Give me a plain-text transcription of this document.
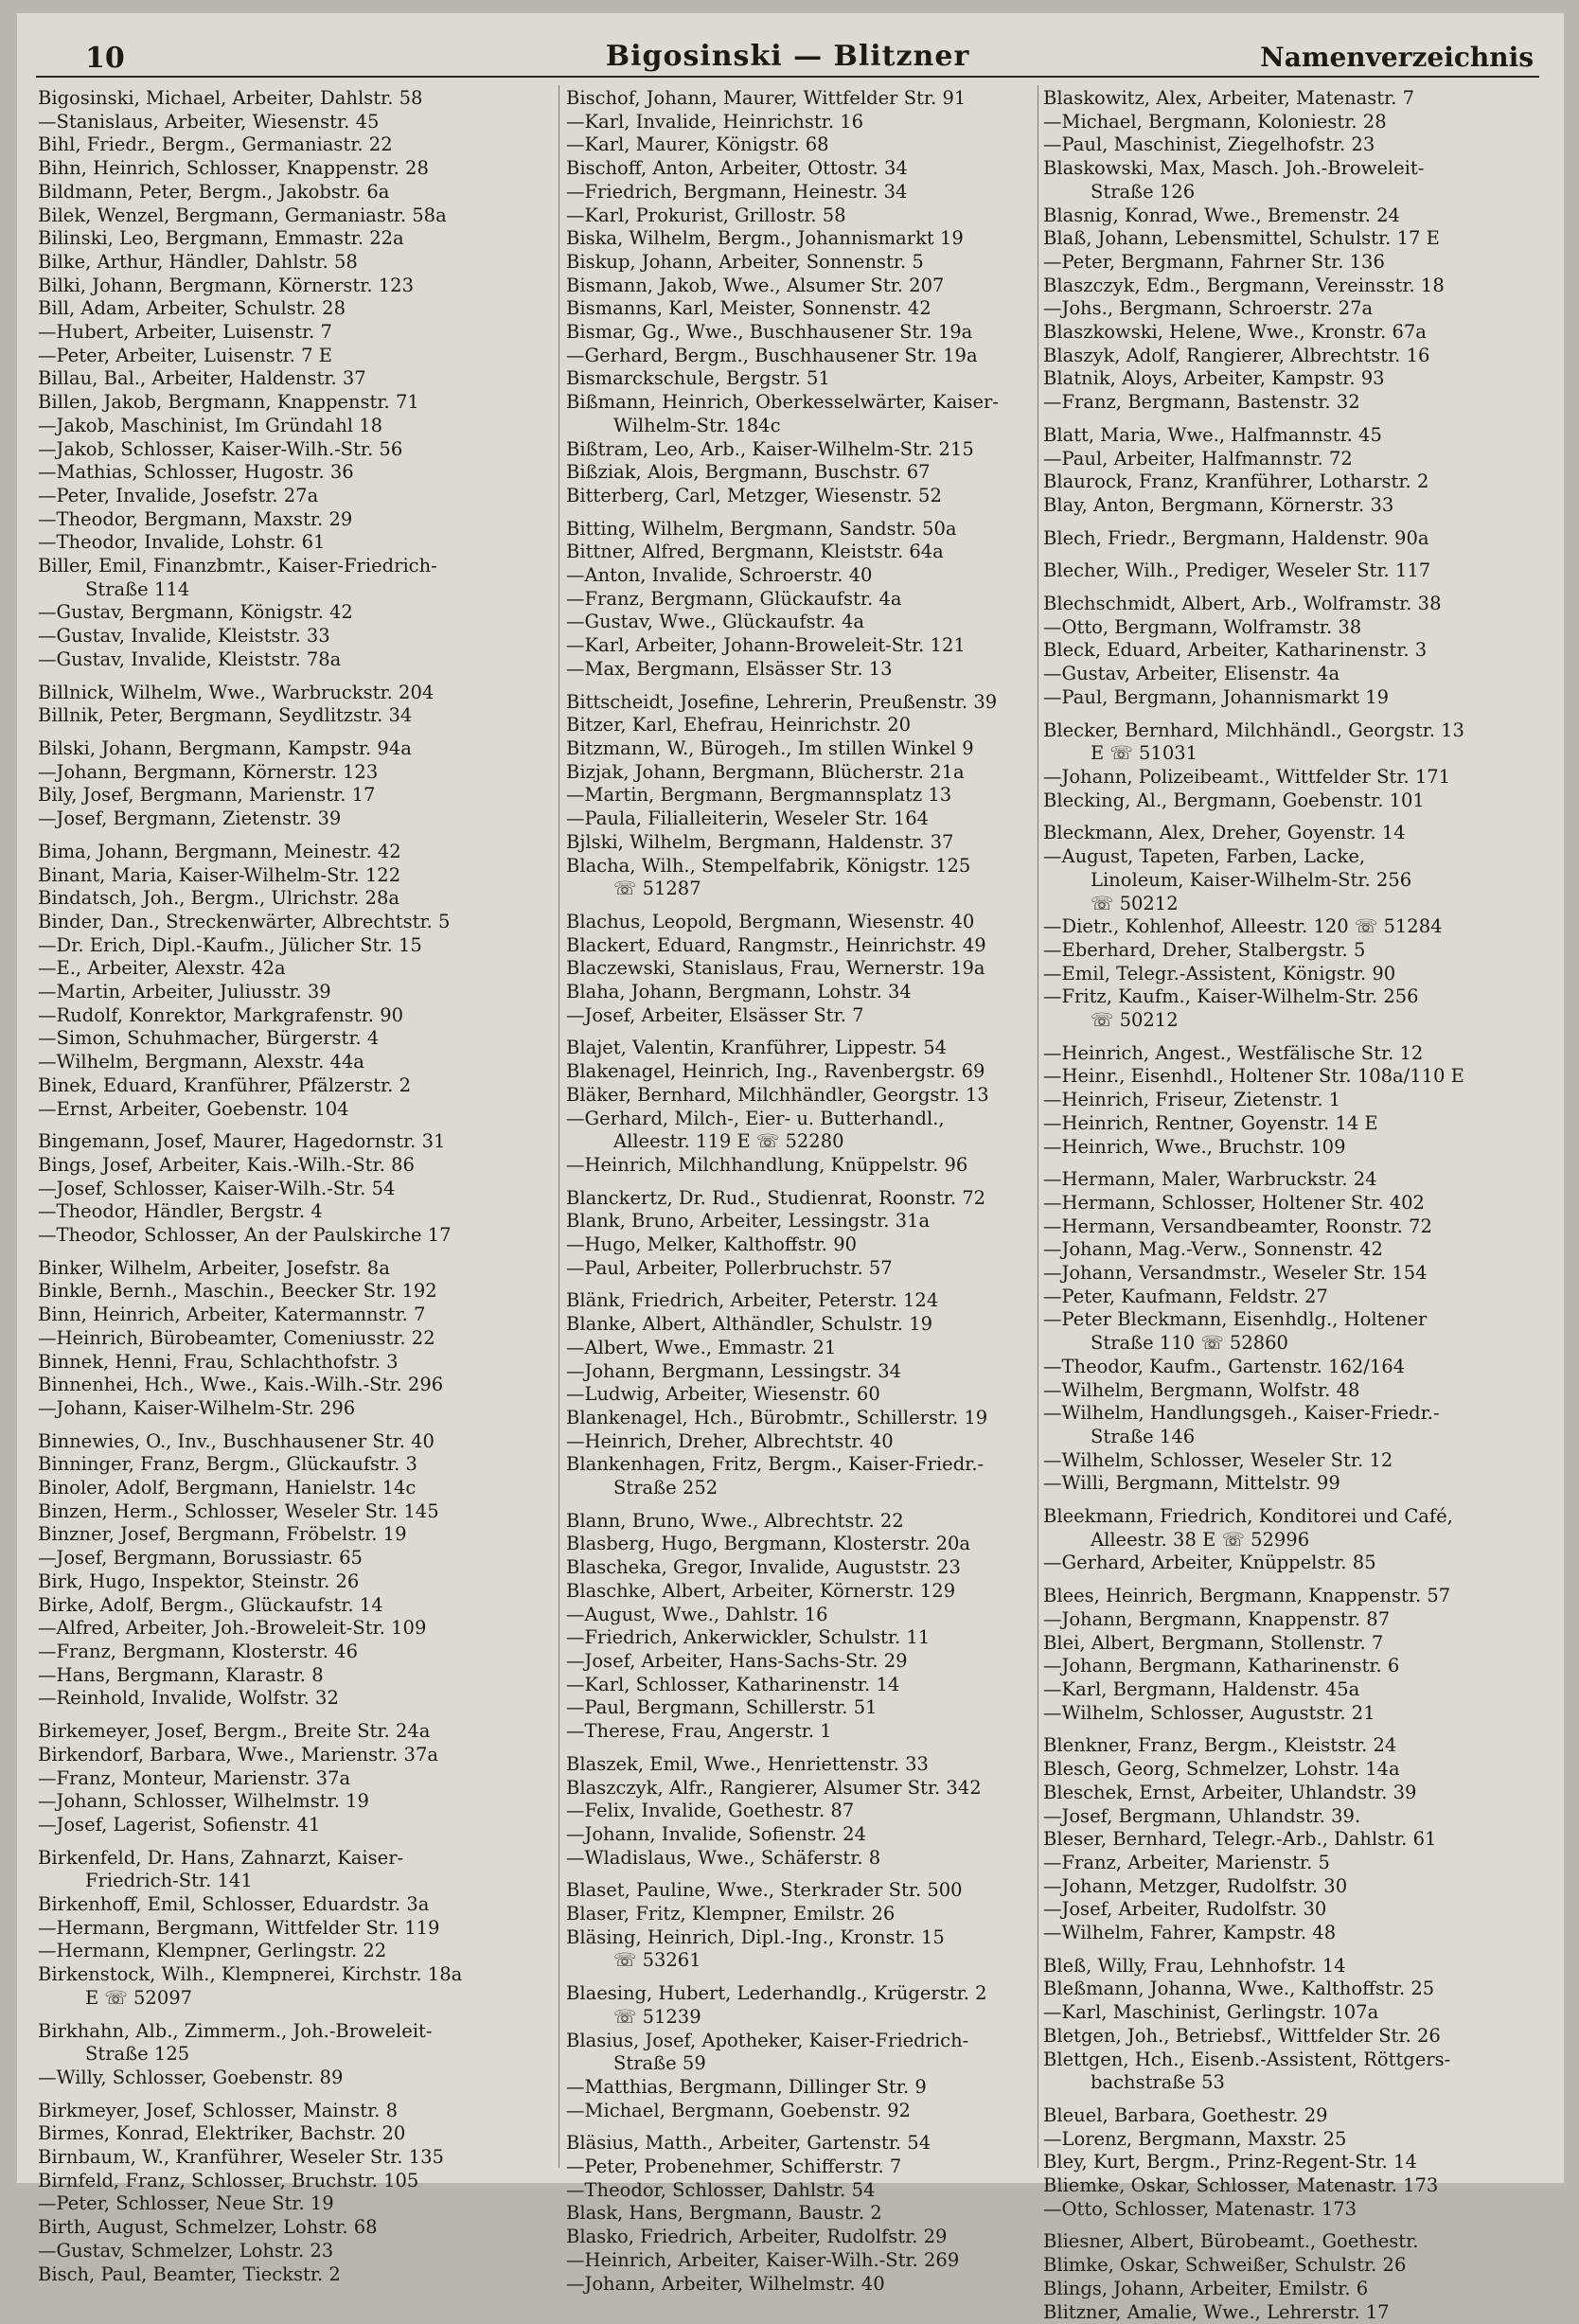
10	Bigosinski — Blitzner	Namenverzeichnis
Bigosinski, Michael, Arbeiter, Dahlstr. 58
—Stanislaus, Arbeiter, Wiesenstr. 45
Bihl, Friedr., Bergm., Germaniastr. 22
Bihn, Heinrich, Schlosser, Knappenstr. 28
Bildmann, Peter, Bergm., Jakobstr. 6a
Bilek, Wenzel, Bergmann, Germaniastr. 58a
Bilinski, Leo, Bergmann, Emmastr. 22a
Bilke, Arthur, Händler, Dahlstr. 58
Bilki, Johann, Bergmann, Körnerstr. 123
Bill, Adam, Arbeiter, Schulstr. 28
—Hubert, Arbeiter, Luisenstr. 7
—Peter, Arbeiter, Luisenstr. 7 E
Billau, Bal., Arbeiter, Haldenstr. 37
Billen, Jakob, Bergmann, Knappenstr. 71
—Jakob, Maschinist, Im Gründahl 18
—Jakob, Schlosser, Kaiser-Wilh.-Str. 56
—Mathias, Schlosser, Hugostr. 36
—Peter, Invalide, Josefstr. 27a
—Theodor, Bergmann, Maxstr. 29
—Theodor, Invalide, Lohstr. 61
Biller, Emil, Finanzbmtr., Kaiser-Friedrich-
Straße 114
—Gustav, Bergmann, Königstr. 42
—Gustav, Invalide, Kleiststr. 33
—Gustav, Invalide, Kleiststr. 78a
Billnick, Wilhelm, Wwe., Warbruckstr. 204
Billnik, Peter, Bergmann, Seydlitzstr. 34
Bilski, Johann, Bergmann, Kampstr. 94a
—Johann, Bergmann, Körnerstr. 123
Bily, Josef, Bergmann, Marienstr. 17
—Josef, Bergmann, Zietenstr. 39
Bima, Johann, Bergmann, Meinestr. 42
Binant, Maria, Kaiser-Wilhelm-Str. 122
Bindatsch, Joh., Bergm., Ulrichstr. 28a
Binder, Dan., Streckenwärter, Albrechtstr. 5
—Dr. Erich, Dipl.-Kaufm., Jülicher Str. 15
—E., Arbeiter, Alexstr. 42a
—Martin, Arbeiter, Juliusstr. 39
—Rudolf, Konrektor, Markgrafenstr. 90
—Simon, Schuhmacher, Bürgerstr. 4
—Wilhelm, Bergmann, Alexstr. 44a
Binek, Eduard, Kranführer, Pfälzerstr. 2
—Ernst, Arbeiter, Goebenstr. 104
Bingemann, Josef, Maurer, Hagedornstr. 31
Bings, Josef, Arbeiter, Kais.-Wilh.-Str. 86
—Josef, Schlosser, Kaiser-Wilh.-Str. 54
—Theodor, Händler, Bergstr. 4
—Theodor, Schlosser, An der Paulskirche 17
Binker, Wilhelm, Arbeiter, Josefstr. 8a
Binkle, Bernh., Maschin., Beecker Str. 192
Binn, Heinrich, Arbeiter, Katermannstr. 7
—Heinrich, Bürobeamter, Comeniusstr. 22
Binnek, Henni, Frau, Schlachthofstr. 3
Binnenhei, Hch., Wwe., Kais.-Wilh.-Str. 296
—Johann, Kaiser-Wilhelm-Str. 296
Binnewies, O., Inv., Buschhausener Str. 40
Binninger, Franz, Bergm., Glückaufstr. 3
Binoler, Adolf, Bergmann, Hanielstr. 14c
Binzen, Herm., Schlosser, Weseler Str. 145
Binzner, Josef, Bergmann, Fröbelstr. 19
—Josef, Bergmann, Borussiastr. 65
Birk, Hugo, Inspektor, Steinstr. 26
Birke, Adolf, Bergm., Glückaufstr. 14
—Alfred, Arbeiter, Joh.-Broweleit-Str. 109
—Franz, Bergmann, Klosterstr. 46
—Hans, Bergmann, Klarastr. 8
—Reinhold, Invalide, Wolfstr. 32
Birkemeyer, Josef, Bergm., Breite Str. 24a
Birkendorf, Barbara, Wwe., Marienstr. 37a
—Franz, Monteur, Marienstr. 37a
—Johann, Schlosser, Wilhelmstr. 19
—Josef, Lagerist, Sofienstr. 41
Birkenfeld, Dr. Hans, Zahnarzt, Kaiser-
Friedrich-Str. 141
Birkenhoff, Emil, Schlosser, Eduardstr. 3a
—Hermann, Bergmann, Wittfelder Str. 119
—Hermann, Klempner, Gerlingstr. 22
Birkenstock, Wilh., Klempnerei, Kirchstr. 18a
E ☏ 52097
Birkhahn, Alb., Zimmerm., Joh.-Broweleit-
Straße 125
—Willy, Schlosser, Goebenstr. 89
Birkmeyer, Josef, Schlosser, Mainstr. 8
Birmes, Konrad, Elektriker, Bachstr. 20
Birnbaum, W., Kranführer, Weseler Str. 135
Birnfeld, Franz, Schlosser, Bruchstr. 105
—Peter, Schlosser, Neue Str. 19
Birth, August, Schmelzer, Lohstr. 68
—Gustav, Schmelzer, Lohstr. 23
Bisch, Paul, Beamter, Tieckstr. 2
Bischof, Johann, Maurer, Wittfelder Str. 91
—Karl, Invalide, Heinrichstr. 16
—Karl, Maurer, Königstr. 68
Bischoff, Anton, Arbeiter, Ottostr. 34
—Friedrich, Bergmann, Heinestr. 34
—Karl, Prokurist, Grillostr. 58
Biska, Wilhelm, Bergm., Johannismarkt 19
Biskup, Johann, Arbeiter, Sonnenstr. 5
Bismann, Jakob, Wwe., Alsumer Str. 207
Bismanns, Karl, Meister, Sonnenstr. 42
Bismar, Gg., Wwe., Buschhausener Str. 19a
—Gerhard, Bergm., Buschhausener Str. 19a
Bismarckschule, Bergstr. 51
Bißmann, Heinrich, Oberkesselwärter, Kaiser-
Wilhelm-Str. 184c
Bißtram, Leo, Arb., Kaiser-Wilhelm-Str. 215
Bißziak, Alois, Bergmann, Buschstr. 67
Bitterberg, Carl, Metzger, Wiesenstr. 52
Bitting, Wilhelm, Bergmann, Sandstr. 50a
Bittner, Alfred, Bergmann, Kleiststr. 64a
—Anton, Invalide, Schroerstr. 40
—Franz, Bergmann, Glückaufstr. 4a
—Gustav, Wwe., Glückaufstr. 4a
—Karl, Arbeiter, Johann-Broweleit-Str. 121
—Max, Bergmann, Elsässer Str. 13
Bittscheidt, Josefine, Lehrerin, Preußenstr. 39
Bitzer, Karl, Ehefrau, Heinrichstr. 20
Bitzmann, W., Bürogeh., Im stillen Winkel 9
Bizjak, Johann, Bergmann, Blücherstr. 21a
—Martin, Bergmann, Bergmannsplatz 13
—Paula, Filialleiterin, Weseler Str. 164
Bjlski, Wilhelm, Bergmann, Haldenstr. 37
Blacha, Wilh., Stempelfabrik, Königstr. 125
☏ 51287
Blachus, Leopold, Bergmann, Wiesenstr. 40
Blackert, Eduard, Rangmstr., Heinrichstr. 49
Blaczewski, Stanislaus, Frau, Wernerstr. 19a
Blaha, Johann, Bergmann, Lohstr. 34
—Josef, Arbeiter, Elsässer Str. 7
Blajet, Valentin, Kranführer, Lippestr. 54
Blakenagel, Heinrich, Ing., Ravenbergstr. 69
Bläker, Bernhard, Milchhändler, Georgstr. 13
—Gerhard, Milch-, Eier- u. Butterhandl.,
Alleestr. 119 E ☏ 52280
—Heinrich, Milchhandlung, Knüppelstr. 96
Blanckertz, Dr. Rud., Studienrat, Roonstr. 72
Blank, Bruno, Arbeiter, Lessingstr. 31a
—Hugo, Melker, Kalthoffstr. 90
—Paul, Arbeiter, Pollerbruchstr. 57
Blänk, Friedrich, Arbeiter, Peterstr. 124
Blanke, Albert, Althändler, Schulstr. 19
—Albert, Wwe., Emmastr. 21
—Johann, Bergmann, Lessingstr. 34
—Ludwig, Arbeiter, Wiesenstr. 60
Blankenagel, Hch., Bürobmtr., Schillerstr. 19
—Heinrich, Dreher, Albrechtstr. 40
Blankenhagen, Fritz, Bergm., Kaiser-Friedr.-
Straße 252
Blann, Bruno, Wwe., Albrechtstr. 22
Blasberg, Hugo, Bergmann, Klosterstr. 20a
Blascheka, Gregor, Invalide, Auguststr. 23
Blaschke, Albert, Arbeiter, Körnerstr. 129
—August, Wwe., Dahlstr. 16
—Friedrich, Ankerwickler, Schulstr. 11
—Josef, Arbeiter, Hans-Sachs-Str. 29
—Karl, Schlosser, Katharinenstr. 14
—Paul, Bergmann, Schillerstr. 51
—Therese, Frau, Angerstr. 1
Blaszek, Emil, Wwe., Henriettenstr. 33
Blaszczyk, Alfr., Rangierer, Alsumer Str. 342
—Felix, Invalide, Goethestr. 87
—Johann, Invalide, Sofienstr. 24
—Wladislaus, Wwe., Schäferstr. 8
Blaset, Pauline, Wwe., Sterkrader Str. 500
Blaser, Fritz, Klempner, Emilstr. 26
Bläsing, Heinrich, Dipl.-Ing., Kronstr. 15
☏ 53261
Blaesing, Hubert, Lederhandlg., Krügerstr. 2
☏ 51239
Blasius, Josef, Apotheker, Kaiser-Friedrich-
Straße 59
—Matthias, Bergmann, Dillinger Str. 9
—Michael, Bergmann, Goebenstr. 92
Bläsius, Matth., Arbeiter, Gartenstr. 54
—Peter, Probenehmer, Schifferstr. 7
—Theodor, Schlosser, Dahlstr. 54
Blask, Hans, Bergmann, Baustr. 2
Blasko, Friedrich, Arbeiter, Rudolfstr. 29
—Heinrich, Arbeiter, Kaiser-Wilh.-Str. 269
—Johann, Arbeiter, Wilhelmstr. 40
Blaskowitz, Alex, Arbeiter, Matenastr. 7
—Michael, Bergmann, Koloniestr. 28
—Paul, Maschinist, Ziegelhofstr. 23
Blaskowski, Max, Masch. Joh.-Broweleit-
Straße 126
Blasnig, Konrad, Wwe., Bremenstr. 24
Blaß, Johann, Lebensmittel, Schulstr. 17 E
—Peter, Bergmann, Fahrner Str. 136
Blaszczyk, Edm., Bergmann, Vereinsstr. 18
—Johs., Bergmann, Schroerstr. 27a
Blaszkowski, Helene, Wwe., Kronstr. 67a
Blaszyk, Adolf, Rangierer, Albrechtstr. 16
Blatnik, Aloys, Arbeiter, Kampstr. 93
—Franz, Bergmann, Bastenstr. 32
Blatt, Maria, Wwe., Halfmannstr. 45
—Paul, Arbeiter, Halfmannstr. 72
Blaurock, Franz, Kranführer, Lotharstr. 2
Blay, Anton, Bergmann, Körnerstr. 33
Blech, Friedr., Bergmann, Haldenstr. 90a
Blecher, Wilh., Prediger, Weseler Str. 117
Blechschmidt, Albert, Arb., Wolframstr. 38
—Otto, Bergmann, Wolframstr. 38
Bleck, Eduard, Arbeiter, Katharinenstr. 3
—Gustav, Arbeiter, Elisenstr. 4a
—Paul, Bergmann, Johannismarkt 19
Blecker, Bernhard, Milchhändl., Georgstr. 13
E ☏ 51031
—Johann, Polizeibeamt., Wittfelder Str. 171
Blecking, Al., Bergmann, Goebenstr. 101
Bleckmann, Alex, Dreher, Goyenstr. 14
—August, Tapeten, Farben, Lacke,
Linoleum, Kaiser-Wilhelm-Str. 256
☏ 50212
—Dietr., Kohlenhof, Alleestr. 120 ☏ 51284
—Eberhard, Dreher, Stalbergstr. 5
—Emil, Telegr.-Assistent, Königstr. 90
—Fritz, Kaufm., Kaiser-Wilhelm-Str. 256
☏ 50212
—Heinrich, Angest., Westfälische Str. 12
—Heinr., Eisenhdl., Holtener Str. 108a/110 E
—Heinrich, Friseur, Zietenstr. 1
—Heinrich, Rentner, Goyenstr. 14 E
—Heinrich, Wwe., Bruchstr. 109
—Hermann, Maler, Warbruckstr. 24
—Hermann, Schlosser, Holtener Str. 402
—Hermann, Versandbeamter, Roonstr. 72
—Johann, Mag.-Verw., Sonnenstr. 42
—Johann, Versandmstr., Weseler Str. 154
—Peter, Kaufmann, Feldstr. 27
—Peter Bleckmann, Eisenhdlg., Holtener
Straße 110 ☏ 52860
—Theodor, Kaufm., Gartenstr. 162/164
—Wilhelm, Bergmann, Wolfstr. 48
—Wilhelm, Handlungsgeh., Kaiser-Friedr.-
Straße 146
—Wilhelm, Schlosser, Weseler Str. 12
—Willi, Bergmann, Mittelstr. 99
Bleekmann, Friedrich, Konditorei und Café,
Alleestr. 38 E ☏ 52996
—Gerhard, Arbeiter, Knüppelstr. 85
Blees, Heinrich, Bergmann, Knappenstr. 57
—Johann, Bergmann, Knappenstr. 87
Blei, Albert, Bergmann, Stollenstr. 7
—Johann, Bergmann, Katharinenstr. 6
—Karl, Bergmann, Haldenstr. 45a
—Wilhelm, Schlosser, Auguststr. 21
Blenkner, Franz, Bergm., Kleiststr. 24
Blesch, Georg, Schmelzer, Lohstr. 14a
Bleschek, Ernst, Arbeiter, Uhlandstr. 39
—Josef, Bergmann, Uhlandstr. 39.
Bleser, Bernhard, Telegr.-Arb., Dahlstr. 61
—Franz, Arbeiter, Marienstr. 5
—Johann, Metzger, Rudolfstr. 30
—Josef, Arbeiter, Rudolfstr. 30
—Wilhelm, Fahrer, Kampstr. 48
Bleß, Willy, Frau, Lehnhofstr. 14
Bleßmann, Johanna, Wwe., Kalthoffstr. 25
—Karl, Maschinist, Gerlingstr. 107a
Bletgen, Joh., Betriebsf., Wittfelder Str. 26
Blettgen, Hch., Eisenb.-Assistent, Röttgers-
bachstraße 53
Bleuel, Barbara, Goethestr. 29
—Lorenz, Bergmann, Maxstr. 25
Bley, Kurt, Bergm., Prinz-Regent-Str. 14
Bliemke, Oskar, Schlosser, Matenastr. 173
—Otto, Schlosser, Matenastr. 173
Bliesner, Albert, Bürobeamt., Goethestr.
Blimke, Oskar, Schweißer, Schulstr. 26
Blings, Johann, Arbeiter, Emilstr. 6
Blitzner, Amalie, Wwe., Lehrerstr. 17
